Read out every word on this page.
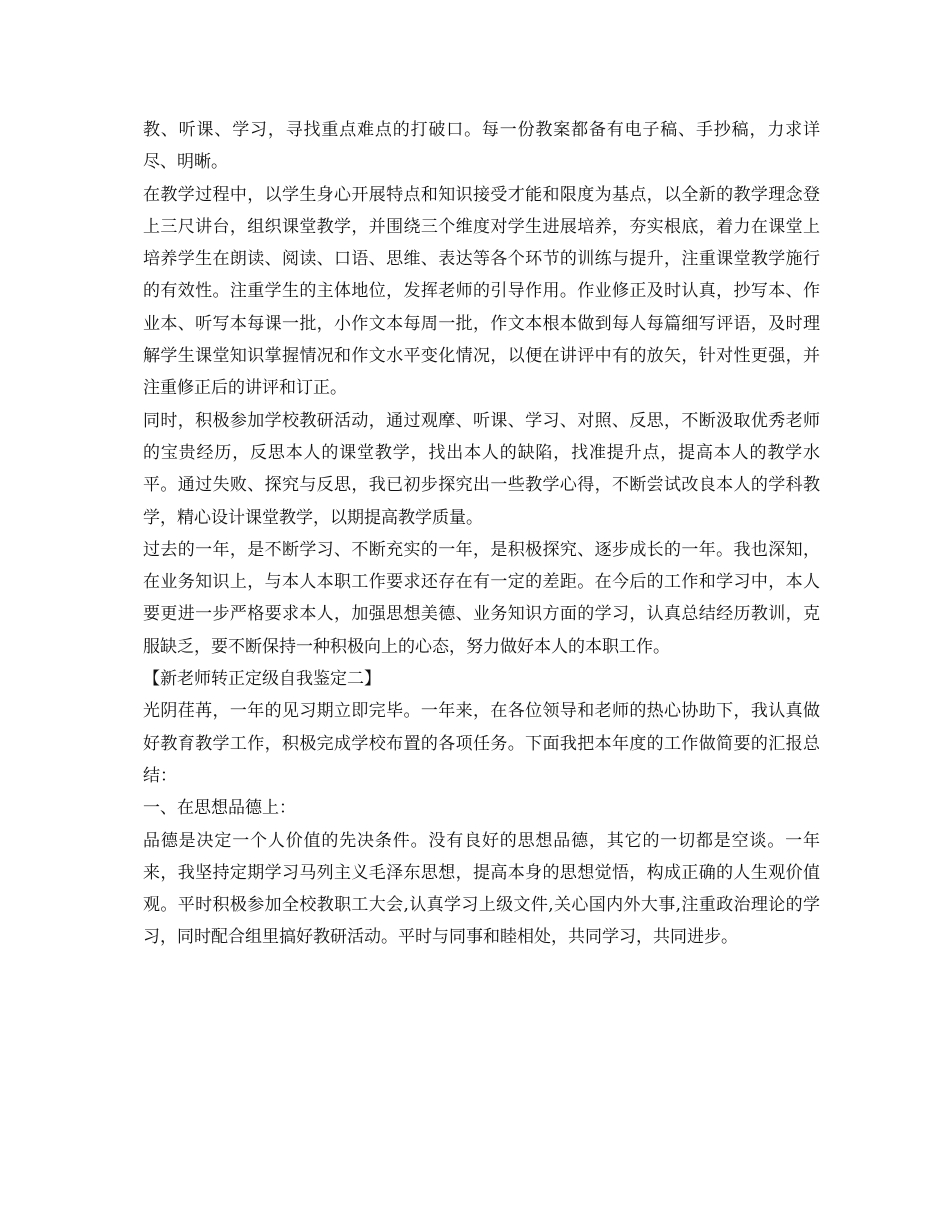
教、听课、学习，寻找重点难点的打破口。每一份教案都备有电子稿、手抄稿，力求详尽、明晰。

在教学过程中，以学生身心开展特点和知识接受才能和限度为基点，以全新的教学理念登上三尺讲台，组织课堂教学，并围绕三个维度对学生进展培养，夯实根底，着力在课堂上培养学生在朗读、阅读、口语、思维、表达等各个环节的训练与提升，注重课堂教学施行的有效性。注重学生的主体地位，发挥老师的引导作用。作业修正及时认真，抄写本、作业本、听写本每课一批，小作文本每周一批，作文本根本做到每人每篇细写评语，及时理解学生课堂知识掌握情况和作文水平变化情况，以便在讲评中有的放矢，针对性更强，并注重修正后的讲评和订正。

同时，积极参加学校教研活动，通过观摩、听课、学习、对照、反思，不断汲取优秀老师的宝贵经历，反思本人的课堂教学，找出本人的缺陷，找准提升点，提高本人的教学水平。通过失败、探究与反思，我已初步探究出一些教学心得，不断尝试改良本人的学科教学，精心设计课堂教学，以期提高教学质量。

过去的一年，是不断学习、不断充实的一年，是积极探究、逐步成长的一年。我也深知，在业务知识上，与本人本职工作要求还存在有一定的差距。在今后的工作和学习中，本人要更进一步严格要求本人，加强思想美德、业务知识方面的学习，认真总结经历教训，克服缺乏，要不断保持一种积极向上的心态，努力做好本人的本职工作。

【新老师转正定级自我鉴定二】

光阴荏苒，一年的见习期立即完毕。一年来，在各位领导和老师的热心协助下，我认真做好教育教学工作，积极完成学校布置的各项任务。下面我把本年度的工作做简要的汇报总结：

一、在思想品德上：

品德是决定一个人价值的先决条件。没有良好的思想品德，其它的一切都是空谈。一年来，我坚持定期学习马列主义毛泽东思想，提高本身的思想觉悟，构成正确的人生观价值观。平时积极参加全校教职工大会,认真学习上级文件,关心国内外大事,注重政治理论的学习，同时配合组里搞好教研活动。平时与同事和睦相处，共同学习，共同进步。
